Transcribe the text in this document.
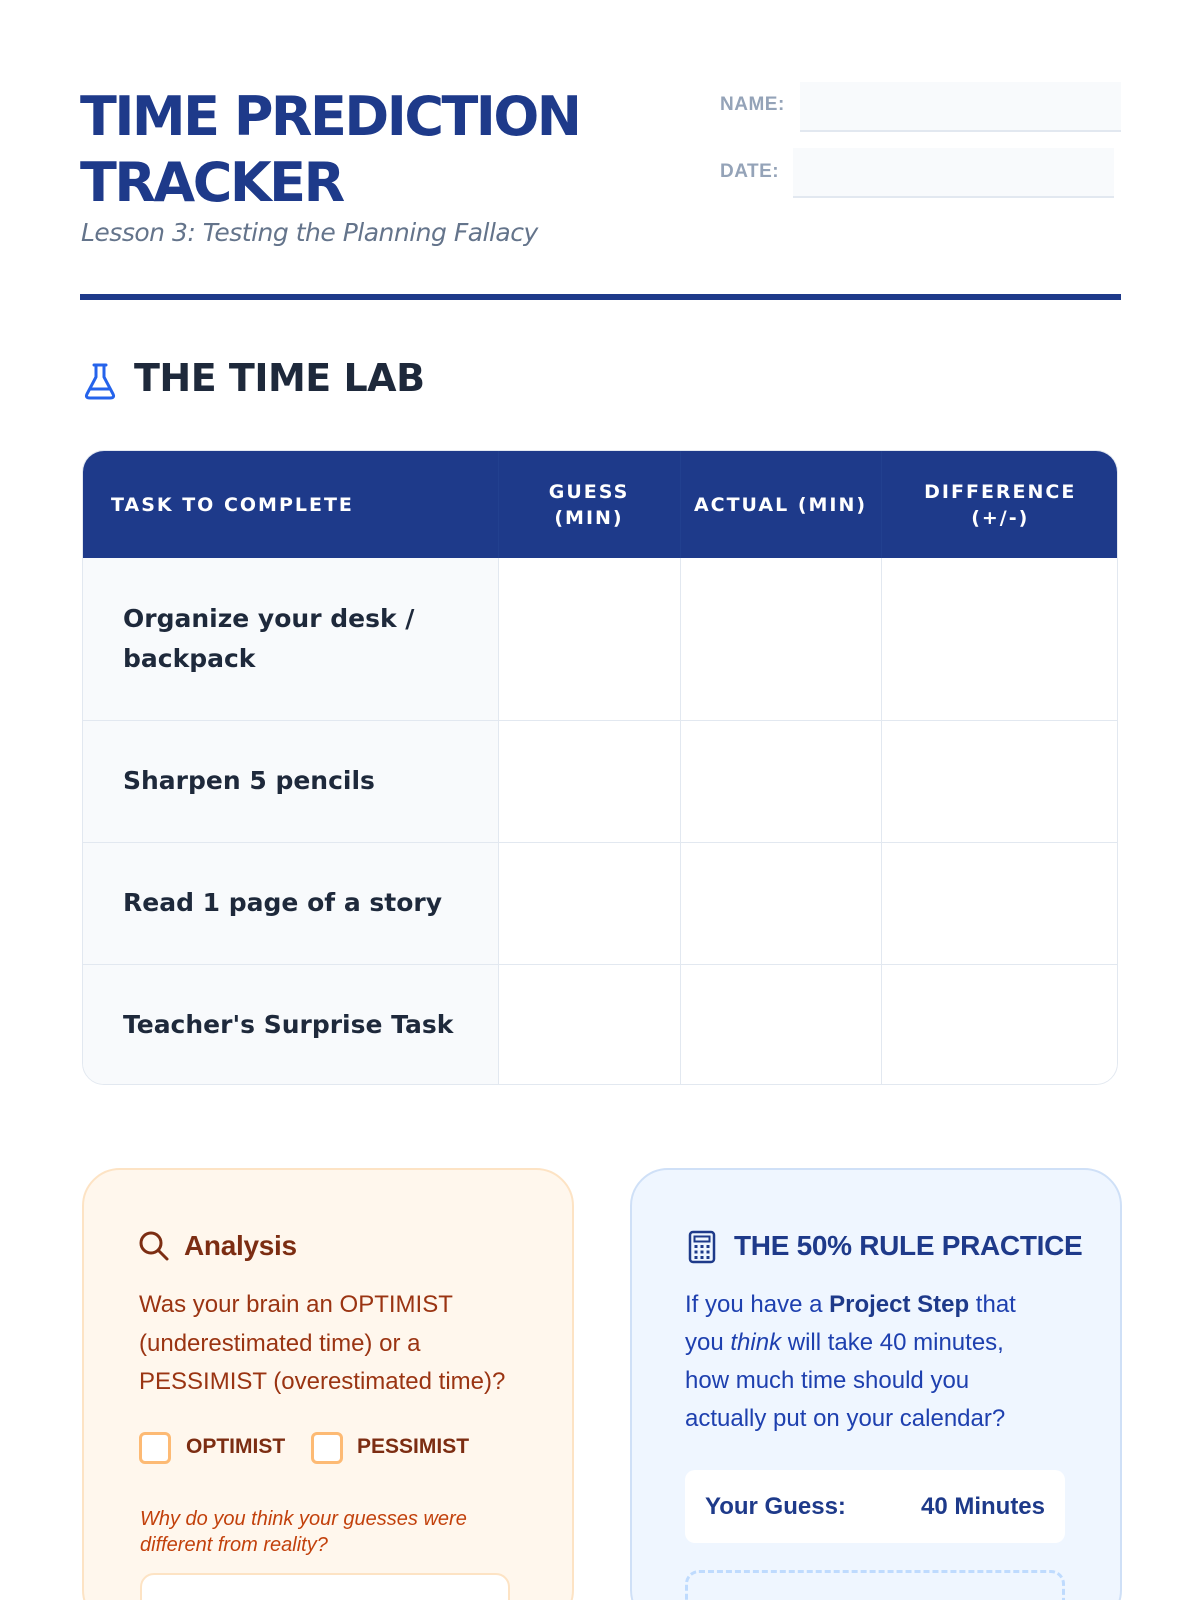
TIME PREDICTION
TRACKER
Lesson 3: Testing the Planning Fallacy
NAME:
DATE:
THE TIME LAB
TASK TO COMPLETE	GUESS (MIN)	ACTUAL (MIN)	DIFFERENCE (+/-)
Organize your desk / backpack			
Sharpen 5 pencils			
Read 1 page of a story			
Teacher's Surprise Task			
Analysis
Was your brain an OPTIMIST (underestimated time) or a PESSIMIST (overestimated time)?
OPTIMIST	PESSIMIST
Why do you think your guesses were different from reality?
THE 50% RULE PRACTICE
If you have a Project Step that you think will take 40 minutes, how much time should you actually put on your calendar?
Your Guess:	40 Minutes
